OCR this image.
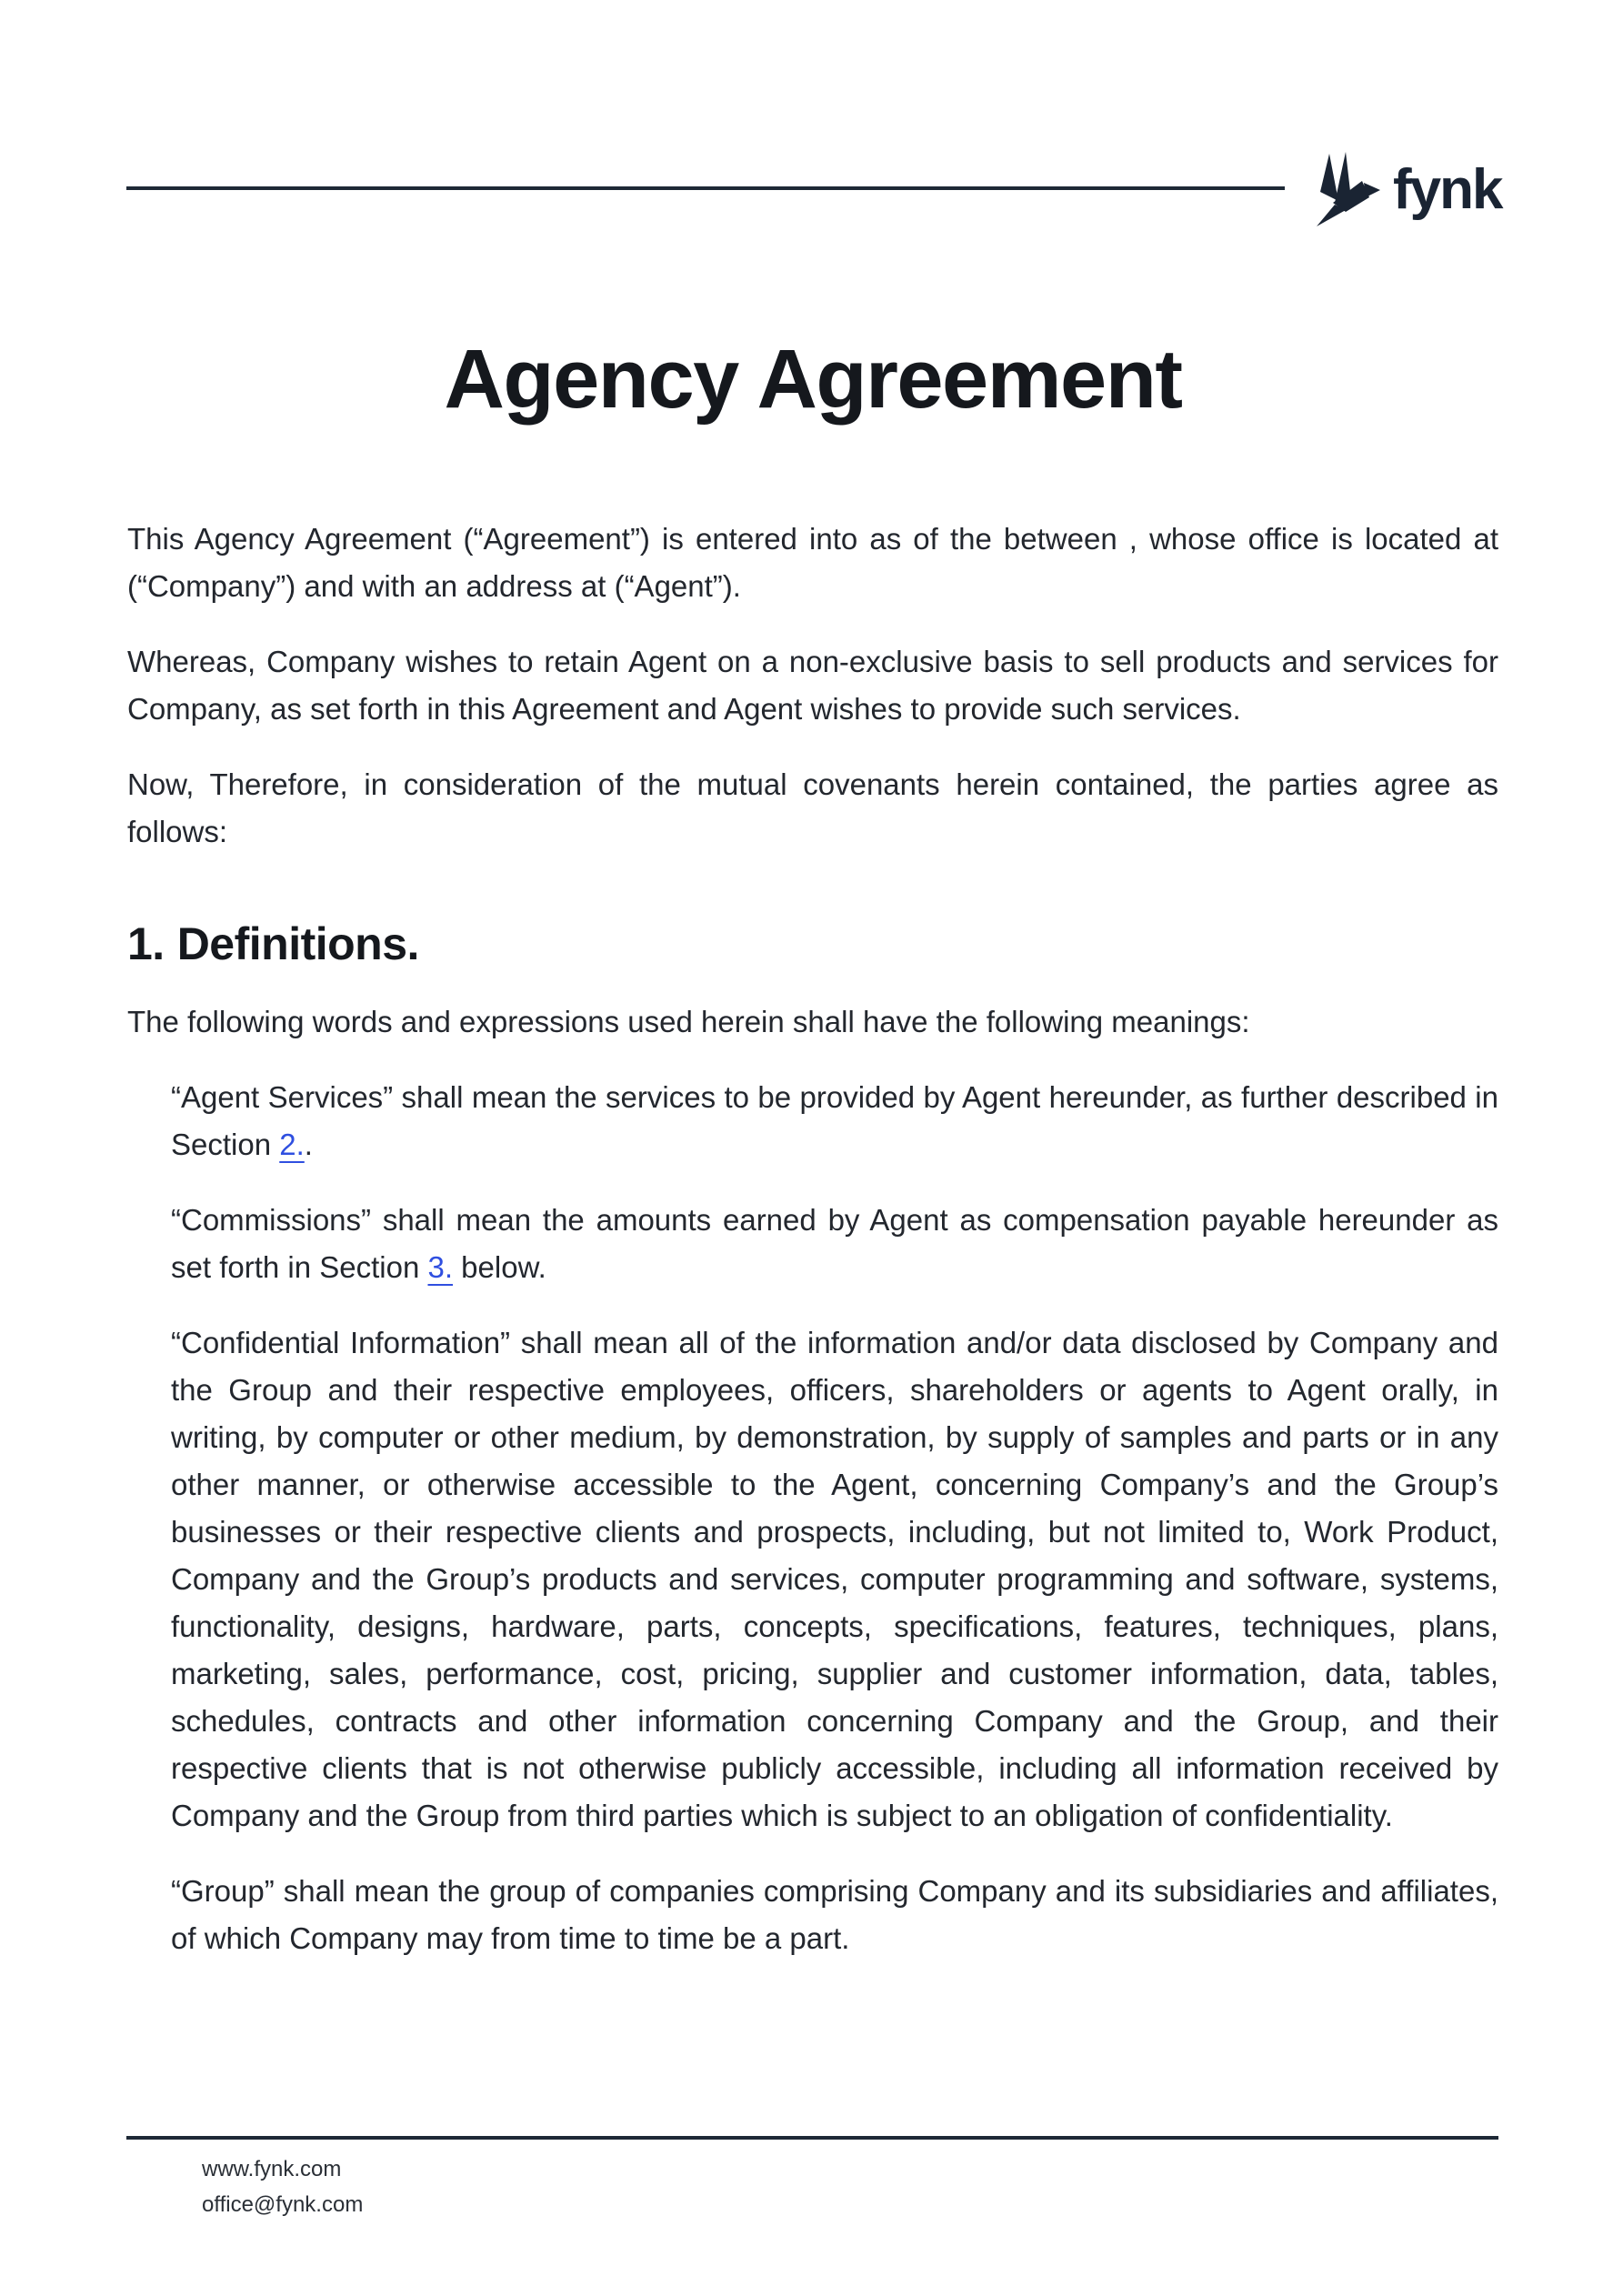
fynk
Agency Agreement

This Agency Agreement (“Agreement”) is entered into as of the between , whose office is located at (“Company”) and with an address at (“Agent”).

Whereas, Company wishes to retain Agent on a non-exclusive basis to sell products and services for Company, as set forth in this Agreement and Agent wishes to provide such services.

Now, Therefore, in consideration of the mutual covenants herein contained, the parties agree as follows:

1. Definitions.

The following words and expressions used herein shall have the following meanings:

“Agent Services” shall mean the services to be provided by Agent hereunder, as further described in Section 2..

“Commissions” shall mean the amounts earned by Agent as compensation payable hereunder as set forth in Section 3. below.

“Confidential Information” shall mean all of the information and/or data disclosed by Company and the Group and their respective employees, officers, shareholders or agents to Agent orally, in writing, by computer or other medium, by demonstration, by supply of samples and parts or in any other manner, or otherwise accessible to the Agent, concerning Company’s and the Group’s businesses or their respective clients and prospects, including, but not limited to, Work Product, Company and the Group’s products and services, computer programming and software, systems, functionality, designs, hardware, parts, concepts, specifications, features, techniques, plans, marketing, sales, performance, cost, pricing, supplier and customer information, data, tables, schedules, contracts and other information concerning Company and the Group, and their respective clients that is not otherwise publicly accessible, including all information received by Company and the Group from third parties which is subject to an obligation of confidentiality.

“Group” shall mean the group of companies comprising Company and its subsidiaries and affiliates, of which Company may from time to time be a part.

www.fynk.com
office@fynk.com
